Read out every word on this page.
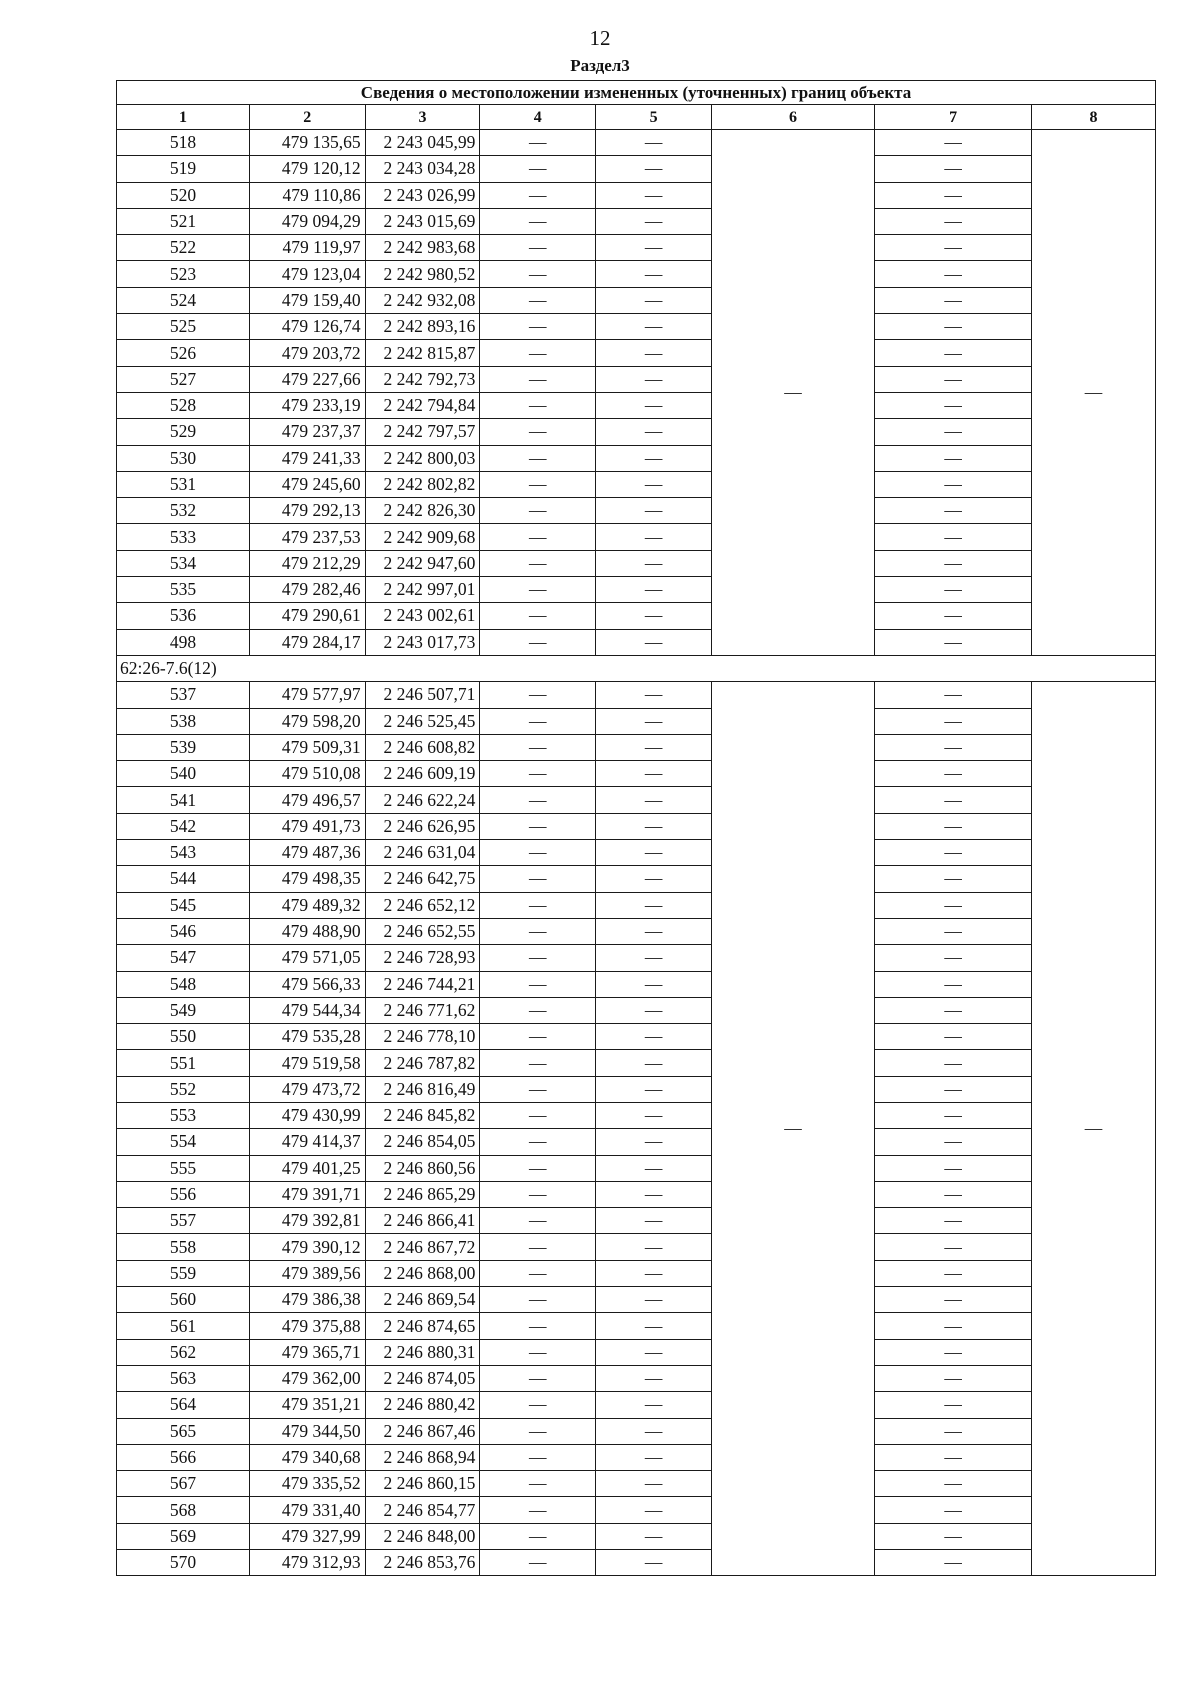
12
Раздел3
Сведения о местоположении измененных (уточненных) границ объекта							
1	2	3	4	5	6	7	8
518	479 135,65	2 243 045,99	—	—	—	—	—
519	479 120,12	2 243 034,28	—	—		—	
520	479 110,86	2 243 026,99	—	—		—	
521	479 094,29	2 243 015,69	—	—		—	
522	479 119,97	2 242 983,68	—	—		—	
523	479 123,04	2 242 980,52	—	—		—	
524	479 159,40	2 242 932,08	—	—		—	
525	479 126,74	2 242 893,16	—	—		—	
526	479 203,72	2 242 815,87	—	—		—	
527	479 227,66	2 242 792,73	—	—		—	
528	479 233,19	2 242 794,84	—	—		—	
529	479 237,37	2 242 797,57	—	—		—	
530	479 241,33	2 242 800,03	—	—		—	
531	479 245,60	2 242 802,82	—	—		—	
532	479 292,13	2 242 826,30	—	—		—	
533	479 237,53	2 242 909,68	—	—		—	
534	479 212,29	2 242 947,60	—	—		—	
535	479 282,46	2 242 997,01	—	—		—	
536	479 290,61	2 243 002,61	—	—		—	
498	479 284,17	2 243 017,73	—	—		—	
62:26-7.6(12)							
537	479 577,97	2 246 507,71	—	—	—	—	—
538	479 598,20	2 246 525,45	—	—		—	
539	479 509,31	2 246 608,82	—	—		—	
540	479 510,08	2 246 609,19	—	—		—	
541	479 496,57	2 246 622,24	—	—		—	
542	479 491,73	2 246 626,95	—	—		—	
543	479 487,36	2 246 631,04	—	—		—	
544	479 498,35	2 246 642,75	—	—		—	
545	479 489,32	2 246 652,12	—	—		—	
546	479 488,90	2 246 652,55	—	—		—	
547	479 571,05	2 246 728,93	—	—		—	
548	479 566,33	2 246 744,21	—	—		—	
549	479 544,34	2 246 771,62	—	—		—	
550	479 535,28	2 246 778,10	—	—		—	
551	479 519,58	2 246 787,82	—	—		—	
552	479 473,72	2 246 816,49	—	—		—	
553	479 430,99	2 246 845,82	—	—		—	
554	479 414,37	2 246 854,05	—	—		—	
555	479 401,25	2 246 860,56	—	—		—	
556	479 391,71	2 246 865,29	—	—		—	
557	479 392,81	2 246 866,41	—	—		—	
558	479 390,12	2 246 867,72	—	—		—	
559	479 389,56	2 246 868,00	—	—		—	
560	479 386,38	2 246 869,54	—	—		—	
561	479 375,88	2 246 874,65	—	—		—	
562	479 365,71	2 246 880,31	—	—		—	
563	479 362,00	2 246 874,05	—	—		—	
564	479 351,21	2 246 880,42	—	—		—	
565	479 344,50	2 246 867,46	—	—		—	
566	479 340,68	2 246 868,94	—	—		—	
567	479 335,52	2 246 860,15	—	—		—	
568	479 331,40	2 246 854,77	—	—		—	
569	479 327,99	2 246 848,00	—	—		—	
570	479 312,93	2 246 853,76	—	—		—	
